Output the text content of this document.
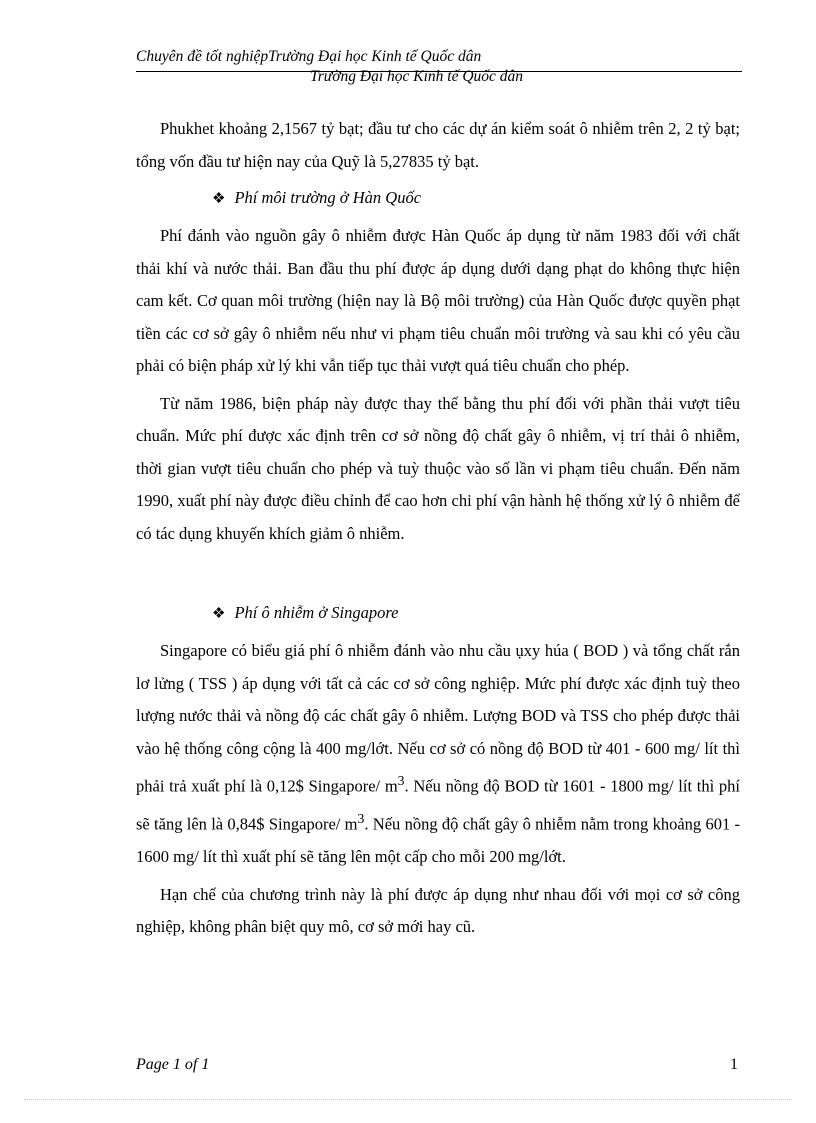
Chuyên đề tốt nghiệpTrường Đại học Kinh tế Quốc dân
Trường Đại học Kinh tế Quốc dân

Phukhet khoảng 2,1567 tỷ bạt; đầu tư cho các dự án kiểm soát ô nhiễm trên 2, 2 tỷ bạt; tổng vốn đầu tư hiện nay của Quỹ là 5,27835 tỷ bạt.

❖ Phí môi trường ở Hàn Quốc

Phí đánh vào nguồn gây ô nhiễm được Hàn Quốc áp dụng từ năm 1983 đối với chất thải khí và nước thải. Ban đầu thu phí được áp dụng dưới dạng phạt do không thực hiện cam kết. Cơ quan môi trường (hiện nay là Bộ môi trường) của Hàn Quốc được quyền phạt tiền các cơ sở gây ô nhiễm nếu như vi phạm tiêu chuẩn môi trường và sau khi có yêu cầu phải có biện pháp xử lý khi vẫn tiếp tục thải vượt quá tiêu chuẩn cho phép.

Từ năm 1986, biện pháp này được thay thế bằng thu phí đối với phần thải vượt tiêu chuẩn. Mức phí được xác định trên cơ sở nồng độ chất gây ô nhiễm, vị trí thải ô nhiễm, thời gian vượt tiêu chuẩn cho phép và tuỳ thuộc vào số lần vi phạm tiêu chuẩn. Đến năm 1990, xuất phí này được điều chỉnh để cao hơn chi phí vận hành hệ thống xử lý ô nhiễm để có tác dụng khuyến khích giảm ô nhiễm.

❖ Phí ô nhiễm ở Singapore

Singapore có biểu giá phí ô nhiễm đánh vào nhu cầu ụxy húa ( BOD ) và tổng chất rắn lơ lửng ( TSS ) áp dụng với tất cả các cơ sở công nghiệp. Mức phí được xác định tuỳ theo lượng nước thải và nồng độ các chất gây ô nhiễm. Lượng BOD và TSS cho phép được thải vào hệ thống công cộng là 400 mg/lớt. Nếu cơ sở có nồng độ BOD từ 401 - 600 mg/ lít thì phải trả xuất phí là 0,12$ Singapore/ $m^3$. Nếu nồng độ BOD từ 1601 - 1800 mg/ lít thì phí sẽ tăng lên là 0,84$ Singapore/ $m^3$. Nếu nồng độ chất gây ô nhiễm nằm trong khoảng 601 - 1600 mg/ lít thì xuất phí sẽ tăng lên một cấp cho mỗi 200 mg/lớt.

Hạn chế của chương trình này là phí được áp dụng như nhau đối với mọi cơ sở công nghiệp, không phân biệt quy mô, cơ sở mới hay cũ.

Page 1 of 1	1
